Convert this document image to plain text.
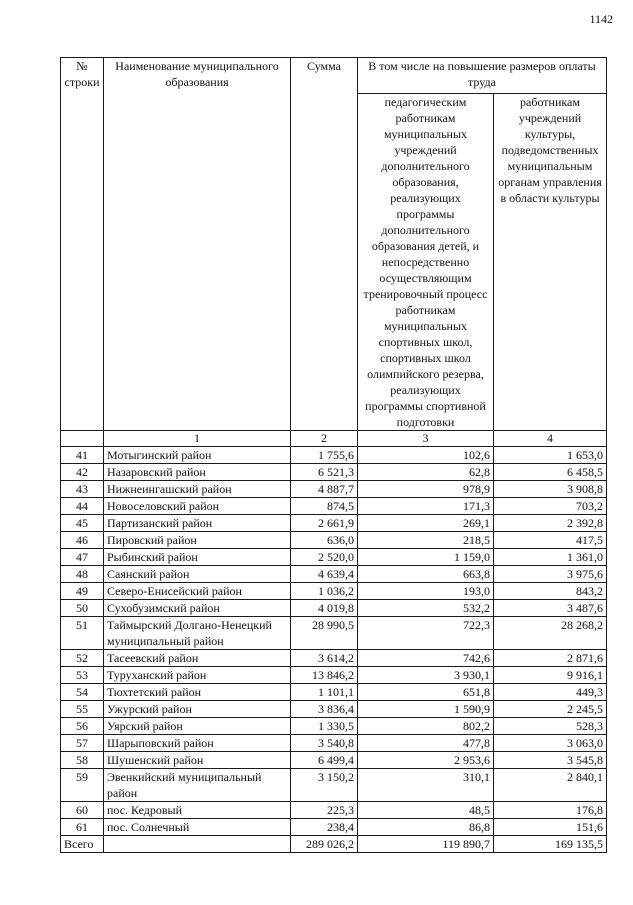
1142
№ строки	Наименование муниципального образования	Сумма	В том числе на повышение размеров оплаты труда	
			педагогическим работникам муниципальных учреждений дополнительного образования, реализующих программы дополнительного образования детей, и непосредственно осуществляющим тренировочный процесс работникам муниципальных спортивных школ, спортивных школ олимпийского резерва, реализующих программы спортивной подготовки	работникам учреждений культуры, подведомственных муниципальным органам управления в области культуры
	1	2	3	4
41	Мотыгинский район	1 755,6	102,6	1 653,0
42	Назаровский район	6 521,3	62,8	6 458,5
43	Нижнеингашский район	4 887,7	978,9	3 908,8
44	Новоселовский район	874,5	171,3	703,2
45	Партизанский район	2 661,9	269,1	2 392,8
46	Пировский район	636,0	218,5	417,5
47	Рыбинский район	2 520,0	1 159,0	1 361,0
48	Саянский район	4 639,4	663,8	3 975,6
49	Северо-Енисейский район	1 036,2	193,0	843,2
50	Сухобузимский район	4 019,8	532,2	3 487,6
51	Таймырский Долгано-Ненецкий муниципальный район	28 990,5	722,3	28 268,2
52	Тасеевский район	3 614,2	742,6	2 871,6
53	Туруханский район	13 846,2	3 930,1	9 916,1
54	Тюхтетский район	1 101,1	651,8	449,3
55	Ужурский район	3 836,4	1 590,9	2 245,5
56	Уярский район	1 330,5	802,2	528,3
57	Шарыповский район	3 540,8	477,8	3 063,0
58	Шушенский район	6 499,4	2 953,6	3 545,8
59	Эвенкийский муниципальный район	3 150,2	310,1	2 840,1
60	пос. Кедровый	225,3	48,5	176,8
61	пос. Солнечный	238,4	86,8	151,6
Всего		289 026,2	119 890,7	169 135,5
